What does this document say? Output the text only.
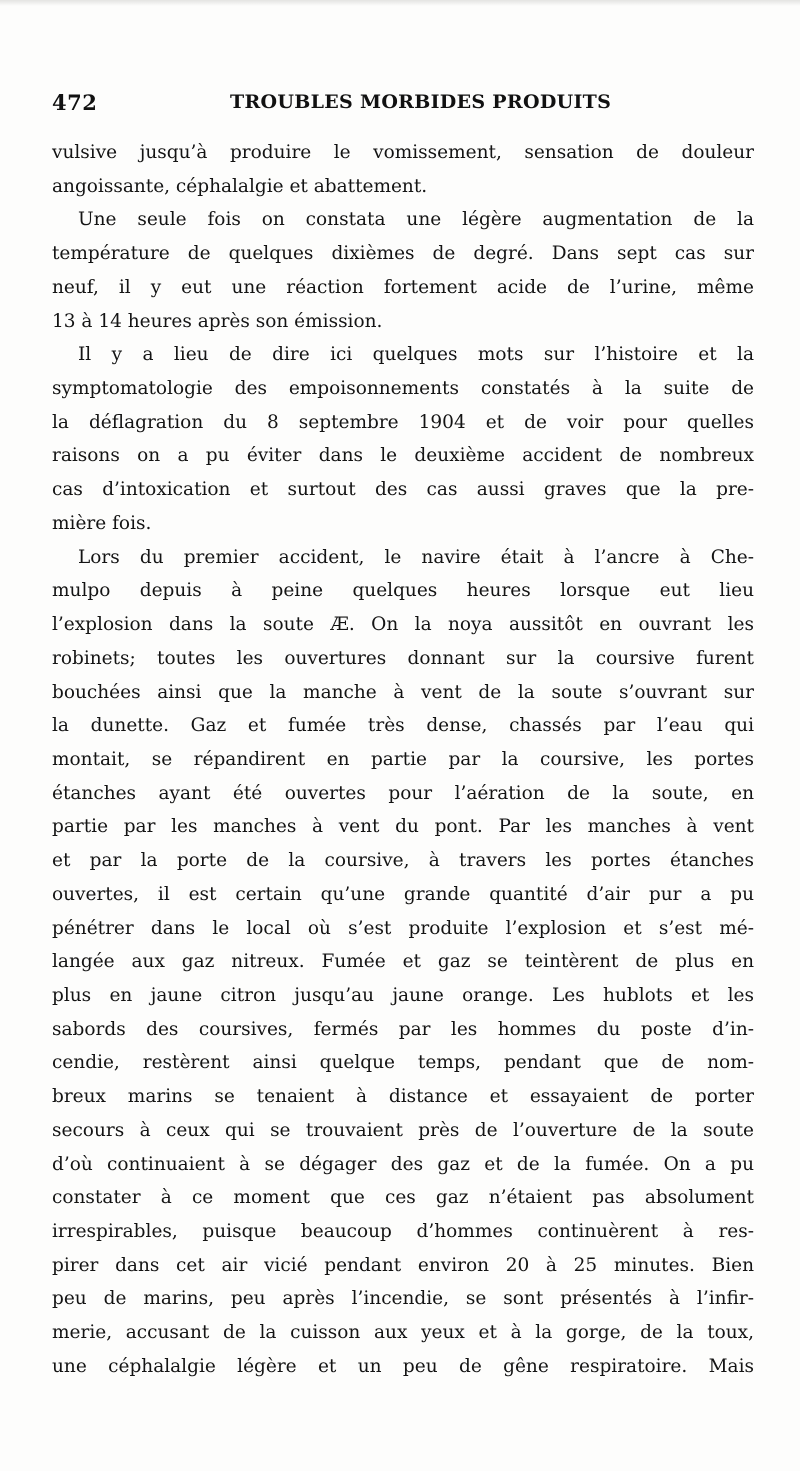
472	TROUBLES MORBIDES PRODUITS
vulsive jusqu’à produire le vomissement, sensation de douleur
angoissante, céphalalgie et abattement.
Une seule fois on constata une légère augmentation de la
température de quelques dixièmes de degré. Dans sept cas sur
neuf, il y eut une réaction fortement acide de l’urine, même
13 à 14 heures après son émission.
Il y a lieu de dire ici quelques mots sur l’histoire et la
symptomatologie des empoisonnements constatés à la suite de
la déflagration du 8 septembre 1904 et de voir pour quelles
raisons on a pu éviter dans le deuxième accident de nombreux
cas d’intoxication et surtout des cas aussi graves que la pre-
mière fois.
Lors du premier accident, le navire était à l’ancre à Che-
mulpo depuis à peine quelques heures lorsque eut lieu
l’explosion dans la soute Æ. On la noya aussitôt en ouvrant les
robinets; toutes les ouvertures donnant sur la coursive furent
bouchées ainsi que la manche à vent de la soute s’ouvrant sur
la dunette. Gaz et fumée très dense, chassés par l’eau qui
montait, se répandirent en partie par la coursive, les portes
étanches ayant été ouvertes pour l’aération de la soute, en
partie par les manches à vent du pont. Par les manches à vent
et par la porte de la coursive, à travers les portes étanches
ouvertes, il est certain qu’une grande quantité d’air pur a pu
pénétrer dans le local où s’est produite l’explosion et s’est mé-
langée aux gaz nitreux. Fumée et gaz se teintèrent de plus en
plus en jaune citron jusqu’au jaune orange. Les hublots et les
sabords des coursives, fermés par les hommes du poste d’in-
cendie, restèrent ainsi quelque temps, pendant que de nom-
breux marins se tenaient à distance et essayaient de porter
secours à ceux qui se trouvaient près de l’ouverture de la soute
d’où continuaient à se dégager des gaz et de la fumée. On a pu
constater à ce moment que ces gaz n’étaient pas absolument
irrespirables, puisque beaucoup d’hommes continuèrent à res-
pirer dans cet air vicié pendant environ 20 à 25 minutes. Bien
peu de marins, peu après l’incendie, se sont présentés à l’infir-
merie, accusant de la cuisson aux yeux et à la gorge, de la toux,
une céphalalgie légère et un peu de gêne respiratoire. Mais
